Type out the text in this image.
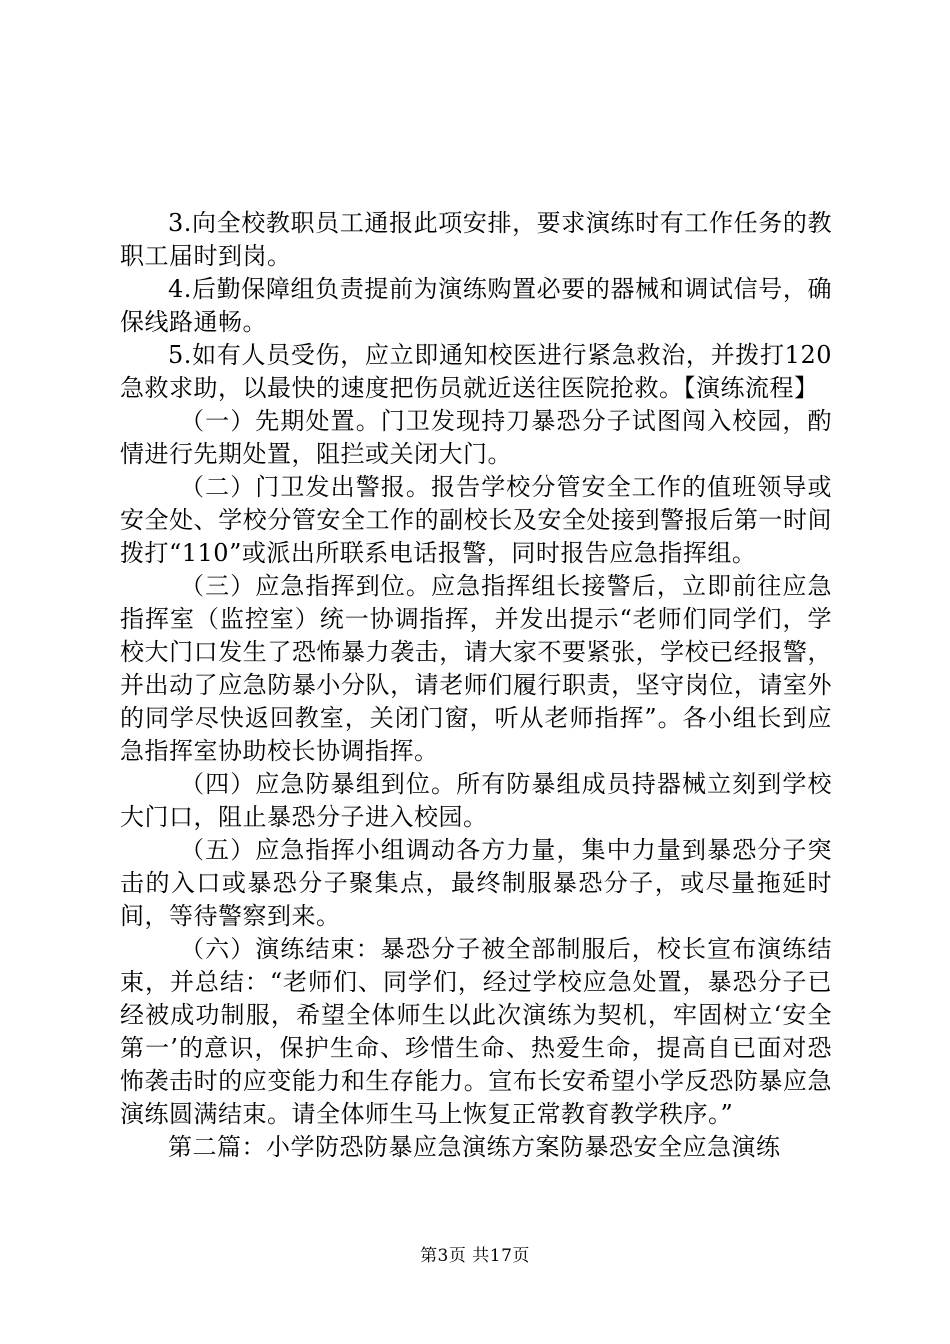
3.向全校教职员工通报此项安排，要求演练时有工作任务的教职工届时到岗。

4.后勤保障组负责提前为演练购置必要的器械和调试信号，确保线路通畅。

5.如有人员受伤，应立即通知校医进行紧急救治，并拨打120急救求助，以最快的速度把伤员就近送往医院抢救。【演练流程】

（一）先期处置。门卫发现持刀暴恐分子试图闯入校园，酌情进行先期处置，阻拦或关闭大门。

（二）门卫发出警报。报告学校分管安全工作的值班领导或安全处、学校分管安全工作的副校长及安全处接到警报后第一时间拨打“110”或派出所联系电话报警，同时报告应急指挥组。

（三）应急指挥到位。应急指挥组长接警后，立即前往应急指挥室（监控室）统一协调指挥，并发出提示“老师们同学们，学校大门口发生了恐怖暴力袭击，请大家不要紧张，学校已经报警，并出动了应急防暴小分队，请老师们履行职责，坚守岗位，请室外的同学尽快返回教室，关闭门窗，听从老师指挥”。各小组长到应急指挥室协助校长协调指挥。

（四）应急防暴组到位。所有防暴组成员持器械立刻到学校大门口，阻止暴恐分子进入校园。

（五）应急指挥小组调动各方力量，集中力量到暴恐分子突击的入口或暴恐分子聚集点，最终制服暴恐分子，或尽量拖延时间，等待警察到来。

（六）演练结束：暴恐分子被全部制服后，校长宣布演练结束，并总结：“老师们、同学们，经过学校应急处置，暴恐分子已经被成功制服，希望全体师生以此次演练为契机，牢固树立‘安全第一’的意识，保护生命、珍惜生命、热爱生命，提高自已面对恐怖袭击时的应变能力和生存能力。宣布长安希望小学反恐防暴应急演练圆满结束。请全体师生马上恢复正常教育教学秩序。”

第二篇：小学防恐防暴应急演练方案防暴恐安全应急演练

第3页 共17页
